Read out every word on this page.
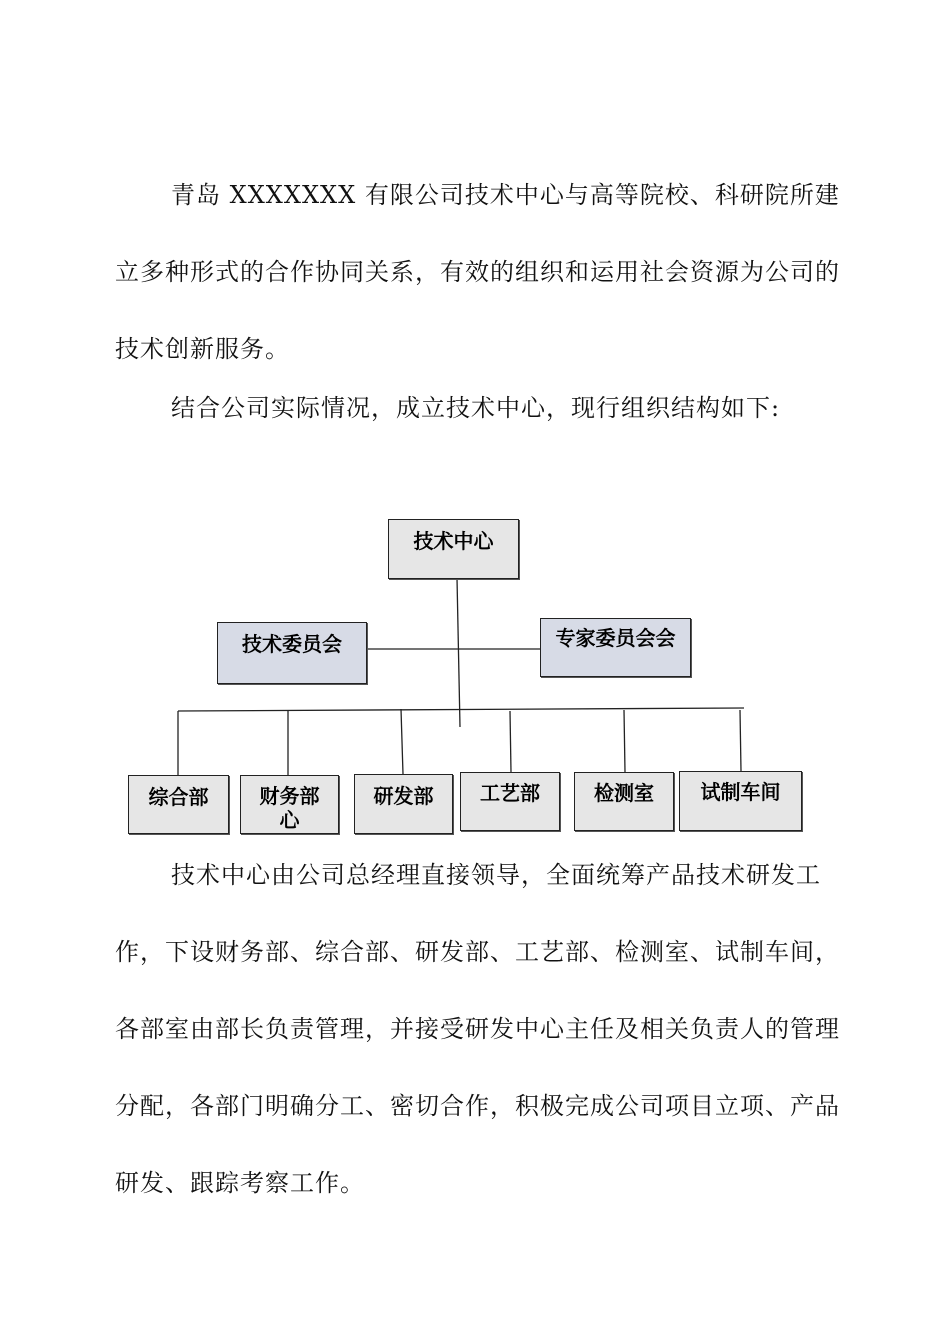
青岛 XXXXXXX 有限公司技术中心与高等院校、科研院所建立多种形式的合作协同关系，有效的组织和运用社会资源为公司的技术创新服务。

结合公司实际情况，成立技术中心，现行组织结构如下:

技术中心
技术委员会	专家委员会会
综合部	财务部心
研发部	工艺部	检测室	试制车间

技术中心由公司总经理直接领导，全面统筹产品技术研发工作，下设财务部、综合部、研发部、工艺部、检测室、试制车间，各部室由部长负责管理，并接受研发中心主任及相关负责人的管理分配，各部门明确分工、密切合作，积极完成公司项目立项、产品研发、跟踪考察工作。
